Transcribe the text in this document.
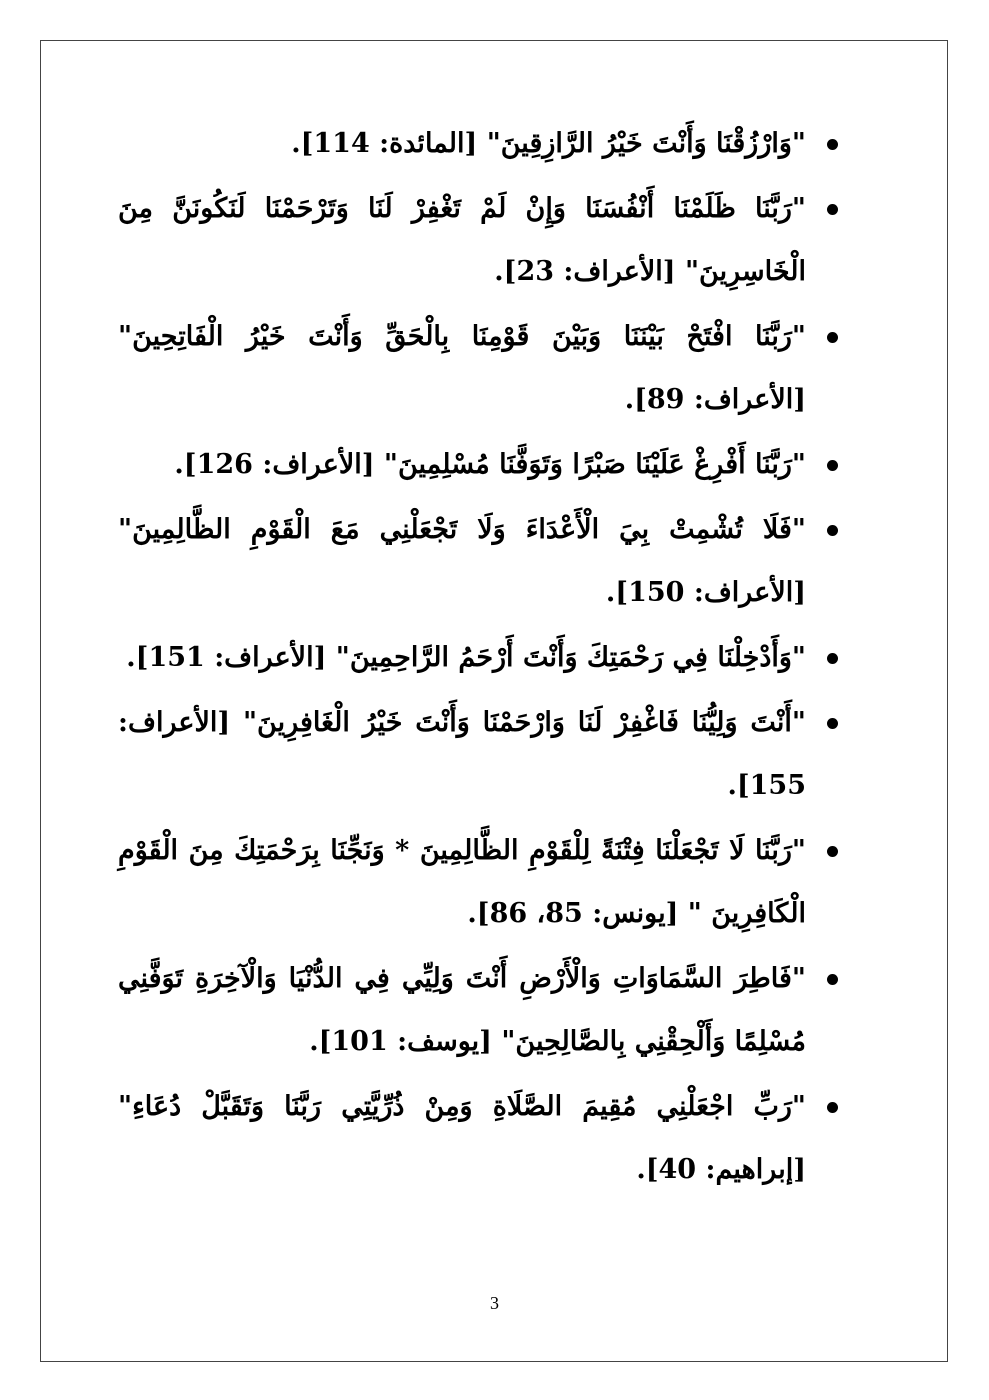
"وَارْزُقْنَا وَأَنْتَ خَيْرُ الرَّازِقِينَ" [المائدة: 114].
"رَبَّنَا ظَلَمْنَا أَنْفُسَنَا وَإِنْ لَمْ تَغْفِرْ لَنَا وَتَرْحَمْنَا لَنَكُونَنَّ مِنَ الْخَاسِرِينَ" [الأعراف: 23].
"رَبَّنَا افْتَحْ بَيْنَنَا وَبَيْنَ قَوْمِنَا بِالْحَقِّ وَأَنْتَ خَيْرُ الْفَاتِحِينَ" [الأعراف: 89].
"رَبَّنَا أَفْرِغْ عَلَيْنَا صَبْرًا وَتَوَفَّنَا مُسْلِمِينَ" [الأعراف: 126].
"فَلَا تُشْمِتْ بِيَ الْأَعْدَاءَ وَلَا تَجْعَلْنِي مَعَ الْقَوْمِ الظَّالِمِينَ" [الأعراف: 150].
"وَأَدْخِلْنَا فِي رَحْمَتِكَ وَأَنْتَ أَرْحَمُ الرَّاحِمِينَ" [الأعراف: 151].
"أَنْتَ وَلِيُّنَا فَاغْفِرْ لَنَا وَارْحَمْنَا وَأَنْتَ خَيْرُ الْغَافِرِينَ" [الأعراف: 155].
"رَبَّنَا لَا تَجْعَلْنَا فِتْنَةً لِلْقَوْمِ الظَّالِمِينَ * وَنَجِّنَا بِرَحْمَتِكَ مِنَ الْقَوْمِ الْكَافِرِينَ " [يونس: 85، 86].
"فَاطِرَ السَّمَاوَاتِ وَالْأَرْضِ أَنْتَ وَلِيِّي فِي الدُّنْيَا وَالْآخِرَةِ تَوَفَّنِي مُسْلِمًا وَأَلْحِقْنِي بِالصَّالِحِينَ" [يوسف: 101].
"رَبِّ اجْعَلْنِي مُقِيمَ الصَّلَاةِ وَمِنْ ذُرِّيَّتِي رَبَّنَا وَتَقَبَّلْ دُعَاءِ" [إبراهيم: 40].
3
